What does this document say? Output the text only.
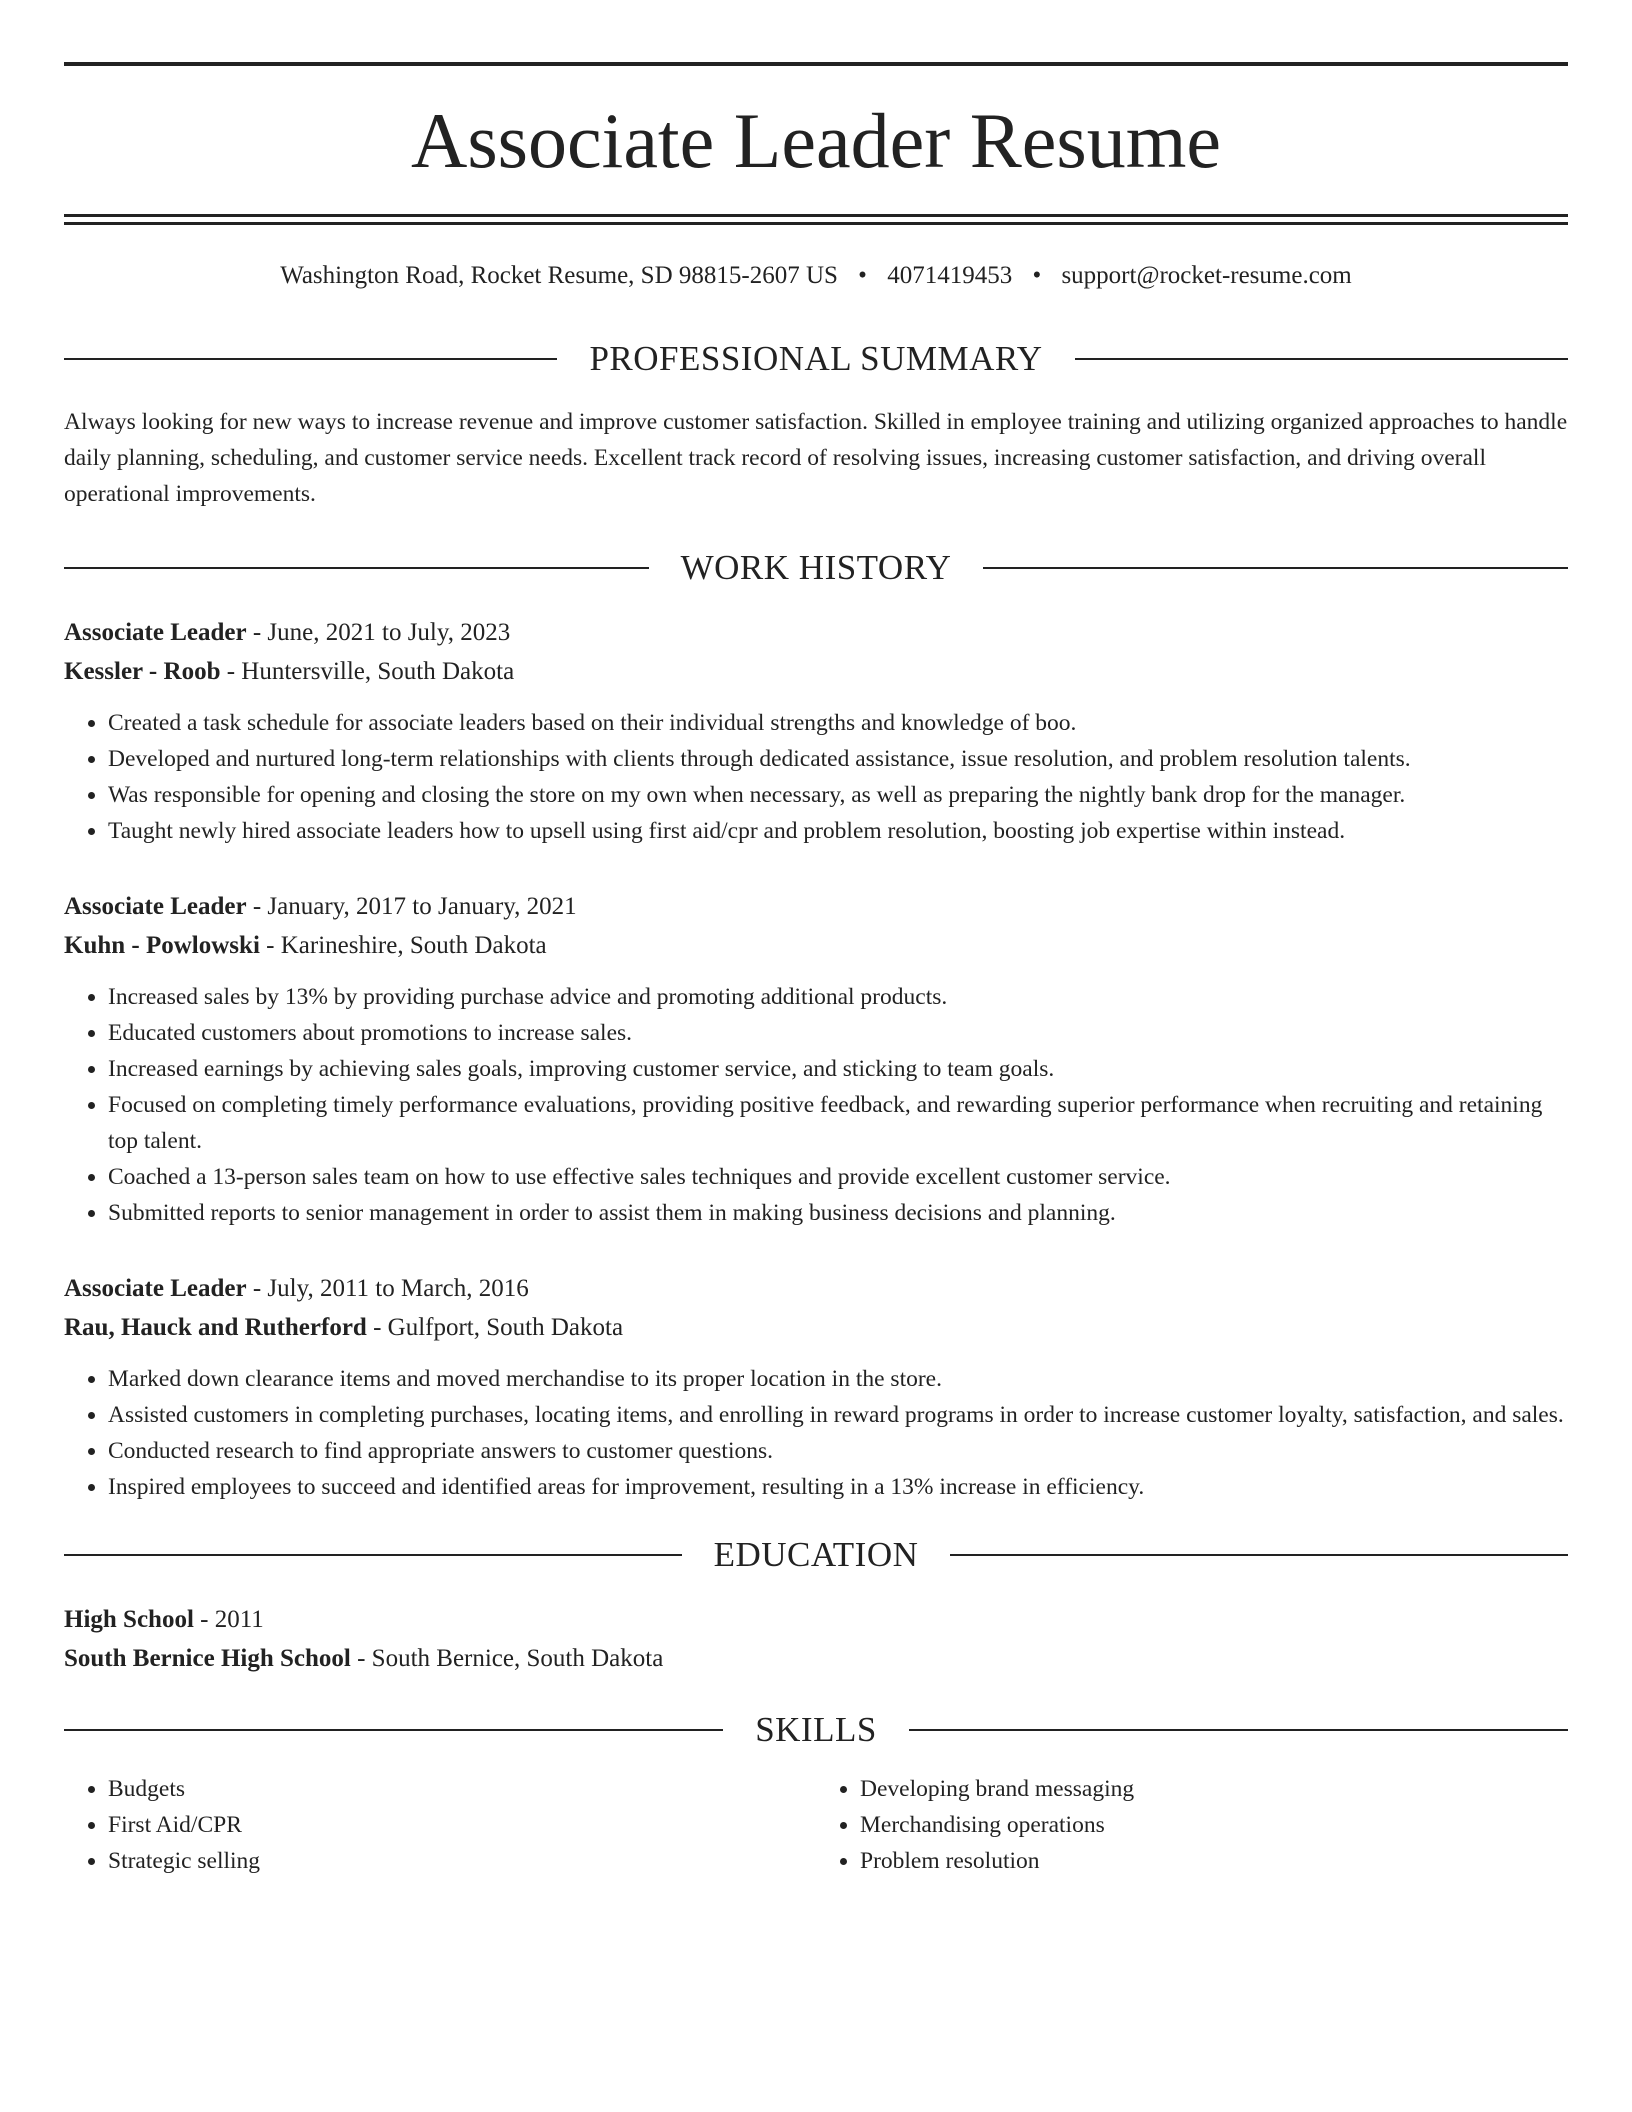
Associate Leader Resume
Washington Road, Rocket Resume, SD 98815-2607 US • 4071419453 • support@rocket-resume.com
PROFESSIONAL SUMMARY

Always looking for new ways to increase revenue and improve customer satisfaction. Skilled in employee training and utilizing organized approaches to handle daily planning, scheduling, and customer service needs. Excellent track record of resolving issues, increasing customer satisfaction, and driving overall operational improvements.

WORK HISTORY
Associate Leader - June, 2021 to July, 2023
Kessler - Roob - Huntersville, South Dakota
• Created a task schedule for associate leaders based on their individual strengths and knowledge of boo.
• Developed and nurtured long-term relationships with clients through dedicated assistance, issue resolution, and problem resolution talents.
• Was responsible for opening and closing the store on my own when necessary, as well as preparing the nightly bank drop for the manager.
• Taught newly hired associate leaders how to upsell using first aid/cpr and problem resolution, boosting job expertise within instead.
Associate Leader - January, 2017 to January, 2021
Kuhn - Powlowski - Karineshire, South Dakota
• Increased sales by 13% by providing purchase advice and promoting additional products.
• Educated customers about promotions to increase sales.
• Increased earnings by achieving sales goals, improving customer service, and sticking to team goals.
• Focused on completing timely performance evaluations, providing positive feedback, and rewarding superior performance when recruiting and retaining top talent.
• Coached a 13-person sales team on how to use effective sales techniques and provide excellent customer service.
• Submitted reports to senior management in order to assist them in making business decisions and planning.
Associate Leader - July, 2011 to March, 2016
Rau, Hauck and Rutherford - Gulfport, South Dakota
• Marked down clearance items and moved merchandise to its proper location in the store.
• Assisted customers in completing purchases, locating items, and enrolling in reward programs in order to increase customer loyalty, satisfaction, and sales.
• Conducted research to find appropriate answers to customer questions.
• Inspired employees to succeed and identified areas for improvement, resulting in a 13% increase in efficiency.
EDUCATION
High School - 2011
South Bernice High School - South Bernice, South Dakota
SKILLS
• Budgets
• First Aid/CPR
• Strategic selling
• Developing brand messaging
• Merchandising operations
• Problem resolution
